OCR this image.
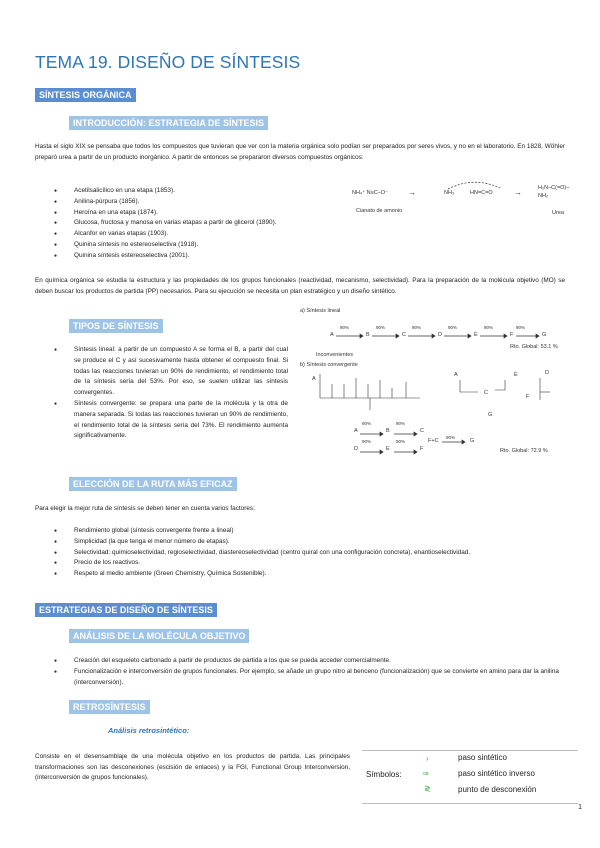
TEMA 19. DISEÑO DE SÍNTESIS
SÍNTESIS ORGÁNICA
INTRODUCCIÓN: ESTRATEGIA DE SÍNTESIS
Hasta el siglo XIX se pensaba que todos los compuestos que tuvieran que ver con la materia orgánica solo podían ser preparados por seres vivos, y no en el laboratorio. En 1828, Wöhler preparó urea a partir de un producto inorgánico. A partir de entonces se prepararon diversos compuestos orgánicos:
● Acetilsalicílico en una etapa (1853).
● Anilina-púrpura (1856).
● Heroína en una etapa (1874).
● Glucosa, fructosa y manosa en varias etapas a partir de glicerol (1890).
● Alcanfor en varias etapas (1903).
● Quinina síntesis no estereoselectiva (1918).
● Quinina síntesis estereoselectiva (2001).
NH₄⁺ N≡C–O⁻ →	NH₃	HN=C=O	→	H₂N–C(=O)–NH₂
Cianato de amonio	Urea
En química orgánica se estudia la estructura y las propiedades de los grupos funcionales (reactividad, mecanismo, selectividad). Para la preparación de la molécula objetivo (MO) se deben buscar los productos de partida (PP) necesarios. Para su ejecución se necesita un plan estratégico y un diseño sintético.
TIPOS DE SÍNTESIS
● Síntesis lineal: a partir de un compuesto A se forma el B, a partir del cual se produce el C y así sucesivamente hasta obtener el compuesto final. Si todas las reacciones tuvieran un 90% de rendimiento, el rendimiento total de la síntesis sería del 53%. Por eso, se suelen utilizar las síntesis convergentes.
● Síntesis convergente: se prepara una parte de la molécula y la otra de manera separada. Si todas las reacciones tuvieran un 90% de rendimiento, el rendimiento total de la síntesis sería del 73%. El rendimiento aumenta significativamente.
a) Síntesis lineal
A	B	C	D	E	F	G
90%	90%	90%	90%	90%	90%
Rto. Global: 53.1 %
Inconvenientes
b) Síntesis convergente
A
A
C
E	D
F
G
A	B	C
D	E	F
90%	90%
90%	90%	F+C
90%
G
Rto. Global: 72.9 %
ELECCIÓN DE LA RUTA MÁS EFICAZ
Para elegir la mejor ruta de síntesis se deben tener en cuenta varios factores:
● Rendimiento global (síntesis convergente frente a lineal)
● Simplicidad (la que tenga el menor número de etapas).
● Selectividad: quimioselectividad, regioselectividad, diastereoselectividad (centro quiral con una configuración concreta), enantioselectividad.
● Precio de los reactivos.
● Respeto al medio ambiente (Green Chemistry, Química Sostenible).
ESTRATEGIAS DE DISEÑO DE SÍNTESIS
ANÁLISIS DE LA MOLÉCULA OBJETIVO
● Creación del esqueleto carbonado a partir de productos de partida a los que se pueda acceder comercialmente.
● Funcionalización e interconversión de grupos funcionales. Por ejemplo, se añade un grupo nitro al benceno (funcionalización) que se convierte en amino para dar la anilina (interconversión).
RETROSÍNTESIS
Análisis retrosintético:
Consiste en el desensamblaje de una molécula objetivo en los productos de partida. Las principales transformaciones son las desconexiones (escisión de enlaces) y la FGI, Functional Group Interconversion, (interconversión de grupos funcionales).	Símbolos:
›	paso sintético
⇒	paso sintético inverso
≷	punto de desconexión
1
